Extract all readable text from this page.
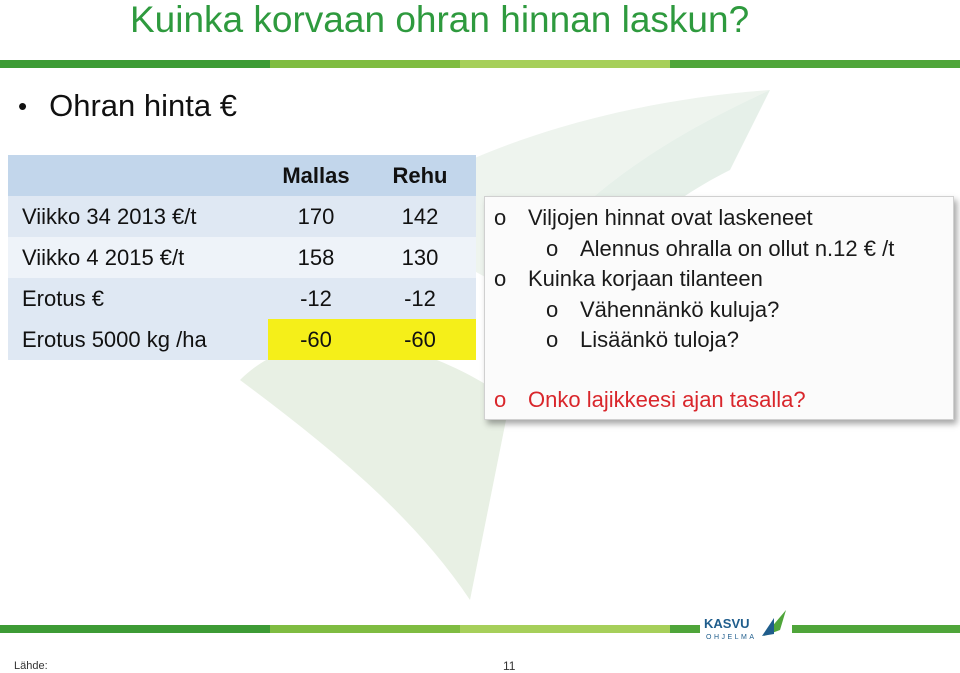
Kuinka korvaan ohran hinnan laskun?
• Ohran hinta €
	Mallas	Rehu
Viikko 34 2013 €/t	170	142
Viikko 4 2015 €/t	158	130
Erotus €	-12	-12
Erotus 5000 kg /ha	-60	-60
o Viljojen hinnat ovat laskeneet
o Alennus ohralla on ollut n.12 € /t
o Kuinka korjaan tilanteen
o Vähennänkö kuluja?
o Lisäänkö tuloja?
o Onko lajikkeesi ajan tasalla?
KASVU
OHJELMA
Lähde:	11
